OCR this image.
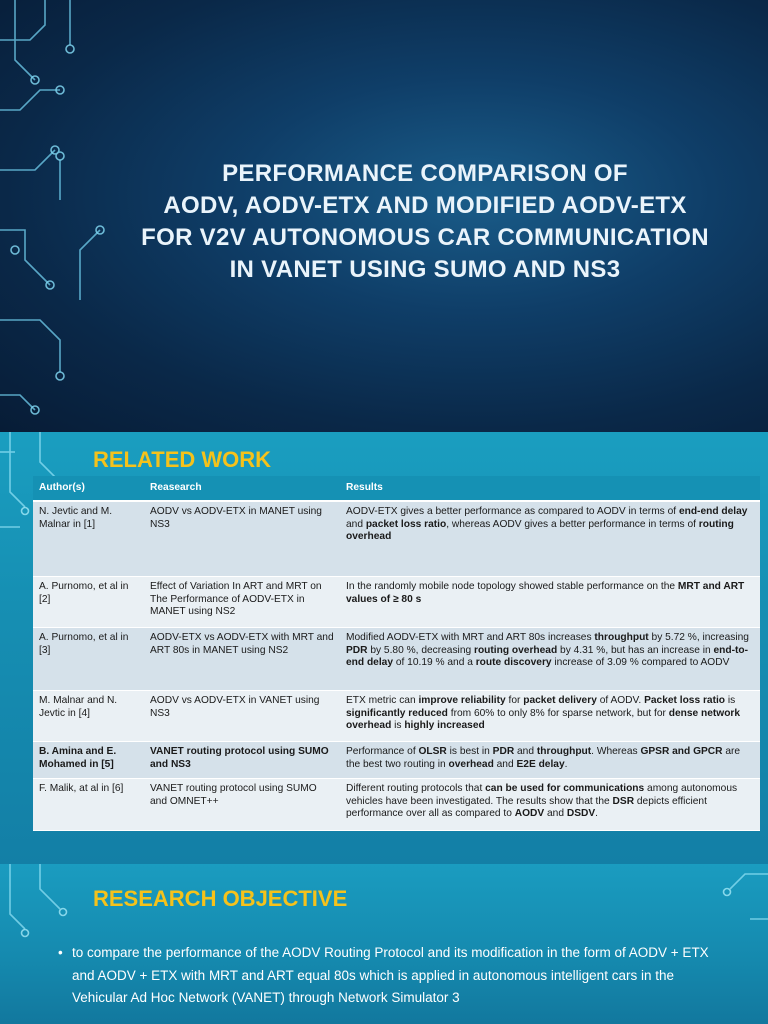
PERFORMANCE COMPARISON OF
AODV, AODV-ETX AND MODIFIED AODV-ETX
FOR V2V AUTONOMOUS CAR COMMUNICATION
IN VANET USING SUMO AND NS3
RELATED WORK
Author(s)	Reasearch	Results
N. Jevtic and M. Malnar in [1]	AODV vs AODV-ETX in MANET using NS3	AODV-ETX gives a better performance as compared to AODV in terms of end-end delay and packet loss ratio, whereas AODV gives a better performance in terms of routing overhead
A. Purnomo, et al in [2]	Effect of Variation In ART and MRT on The Performance of AODV-ETX in MANET using NS2	In the randomly mobile node topology showed stable performance on the MRT and ART values of ≥ 80 s
A. Purnomo, et al in [3]	AODV-ETX vs AODV-ETX with MRT and ART 80s in MANET using NS2	Modified AODV-ETX with MRT and ART 80s increases throughput by 5.72 %, increasing PDR by 5.80 %, decreasing routing overhead by 4.31 %, but has an increase in end-to-end delay of 10.19 % and a route discovery increase of 3.09 % compared to AODV
M. Malnar and N. Jevtic in [4]	AODV vs AODV-ETX in VANET using NS3	ETX metric can improve reliability for packet delivery of AODV. Packet loss ratio is significantly reduced from 60% to only 8% for sparse network, but for dense network overhead is highly increased
B. Amina and E. Mohamed in [5]	VANET routing protocol using SUMO and NS3	Performance of OLSR is best in PDR and throughput. Whereas GPSR and GPCR are the best two routing in overhead and E2E delay.
F. Malik, at al in [6]	VANET routing protocol using SUMO and OMNET++	Different routing protocols that can be used for communications among autonomous vehicles have been investigated. The results show that the DSR depicts efficient performance over all as compared to AODV and DSDV.
RESEARCH OBJECTIVE
• to compare the performance of the AODV Routing Protocol and its modification in the form of AODV + ETX and AODV + ETX with MRT and ART equal 80s which is applied in autonomous intelligent cars in the Vehicular Ad Hoc Network (VANET) through Network Simulator 3
